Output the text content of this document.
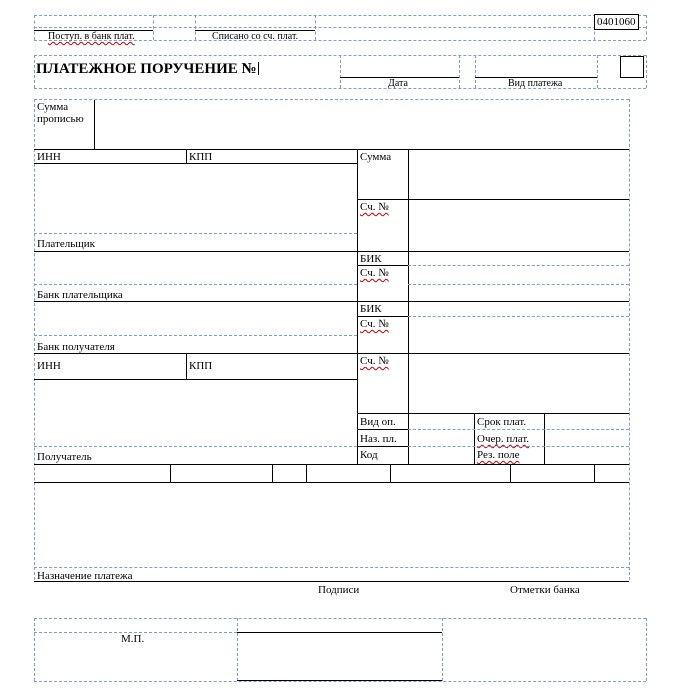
Поступ. в банк плат.	Списано со сч. плат.
0401060
ПЛАТЕЖНОЕ ПОРУЧЕНИЕ №
Дата	Вид платежа
Сумма прописью
ИНН	КПП	Сумма
Сч. №
Плательщик
БИК
Сч. №
Банк плательщика
БИК
Сч. №
Банк получателя
ИНН	КПП	Сч. №
Вид оп.	Срок плат.
Наз. пл.	Очер. плат.
Код	Рез. поле
Получатель
Назначение платежа
Подписи	Отметки банка
М.П.
